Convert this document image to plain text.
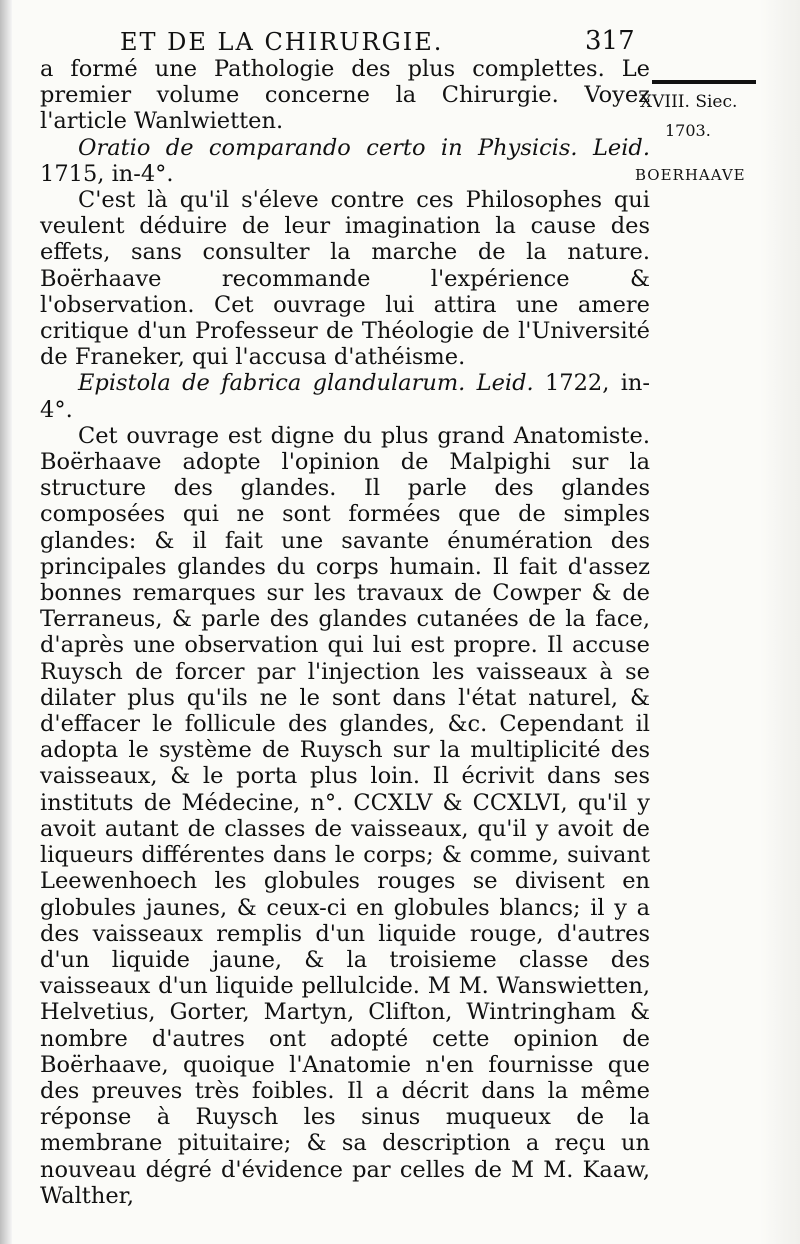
ET DE LA CHIRURGIE.	317
XVIII. Siec.
1703.
BOERHAAVE

a formé une Pathologie des plus complettes. Le premier volume concerne la Chirurgie. Voyez l'article Wanlwietten.

Oratio de comparando certo in Physicis. Leid. 1715, in-4°.

C'est là qu'il s'éleve contre ces Philosophes qui veulent déduire de leur imagination la cause des effets, sans consulter la marche de la nature. Boërhaave recommande l'expérience & l'observation. Cet ouvrage lui attira une amere critique d'un Professeur de Théologie de l'Université de Franeker, qui l'accusa d'athéisme.

Epistola de fabrica glandularum. Leid. 1722, in-4°.

Cet ouvrage est digne du plus grand Anatomiste. Boërhaave adopte l'opinion de Malpighi sur la structure des glandes. Il parle des glandes composées qui ne sont formées que de simples glandes: & il fait une savante énumération des principales glandes du corps humain. Il fait d'assez bonnes remarques sur les travaux de Cowper & de Terraneus, & parle des glandes cutanées de la face, d'après une observation qui lui est propre. Il accuse Ruysch de forcer par l'injection les vaisseaux à se dilater plus qu'ils ne le sont dans l'état naturel, & d'effacer le follicule des glandes, &c. Cependant il adopta le système de Ruysch sur la multiplicité des vaisseaux, & le porta plus loin. Il écrivit dans ses instituts de Médecine, n°. CCXLV & CCXLVI, qu'il y avoit autant de classes de vaisseaux, qu'il y avoit de liqueurs différentes dans le corps; & comme, suivant Leewenhoech les globules rouges se divisent en globules jaunes, & ceux-ci en globules blancs; il y a des vaisseaux remplis d'un liquide rouge, d'autres d'un liquide jaune, & la troisieme classe des vaisseaux d'un liquide pellulcide. M M. Wanswietten, Helvetius, Gorter, Martyn, Clifton, Wintringham & nombre d'autres ont adopté cette opinion de Boërhaave, quoique l'Anatomie n'en fournisse que des preuves très foibles. Il a décrit dans la même réponse à Ruysch les sinus muqueux de la membrane pituitaire; & sa description a reçu un nouveau dégré d'évidence par celles de M M. Kaaw, Walther,
